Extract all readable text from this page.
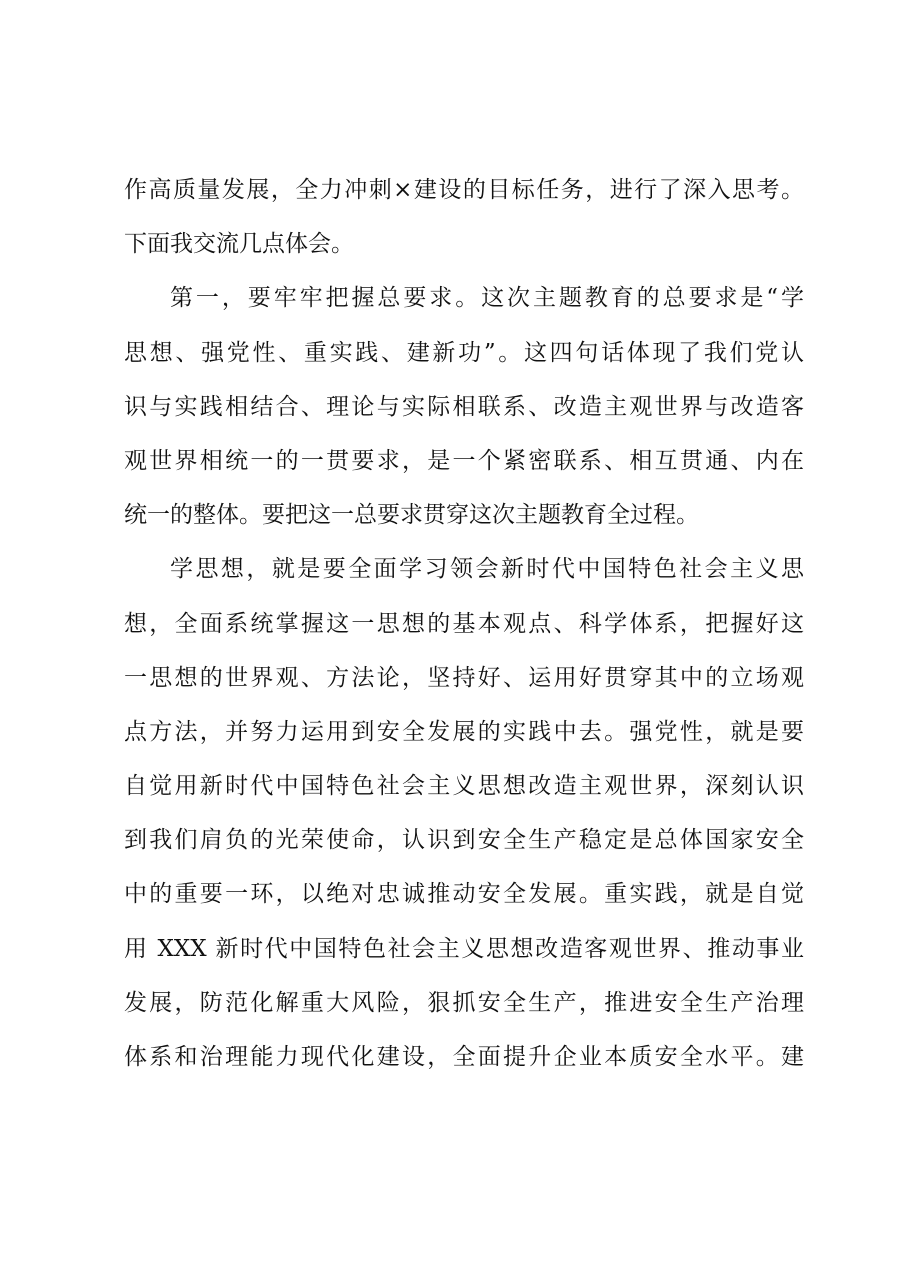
作高质量发展，全力冲刺×建设的目标任务，进行了深入思考。
下面我交流几点体会。
第一，要牢牢把握总要求。这次主题教育的总要求是“学
思想、强党性、重实践、建新功”。这四句话体现了我们党认
识与实践相结合、理论与实际相联系、改造主观世界与改造客
观世界相统一的一贯要求，是一个紧密联系、相互贯通、内在
统一的整体。要把这一总要求贯穿这次主题教育全过程。
学思想，就是要全面学习领会新时代中国特色社会主义思
想，全面系统掌握这一思想的基本观点、科学体系，把握好这
一思想的世界观、方法论，坚持好、运用好贯穿其中的立场观
点方法，并努力运用到安全发展的实践中去。强党性，就是要
自觉用新时代中国特色社会主义思想改造主观世界，深刻认识
到我们肩负的光荣使命，认识到安全生产稳定是总体国家安全
中的重要一环，以绝对忠诚推动安全发展。重实践，就是自觉
用 XXX 新时代中国特色社会主义思想改造客观世界、推动事业
发展，防范化解重大风险，狠抓安全生产，推进安全生产治理
体系和治理能力现代化建设，全面提升企业本质安全水平。建
